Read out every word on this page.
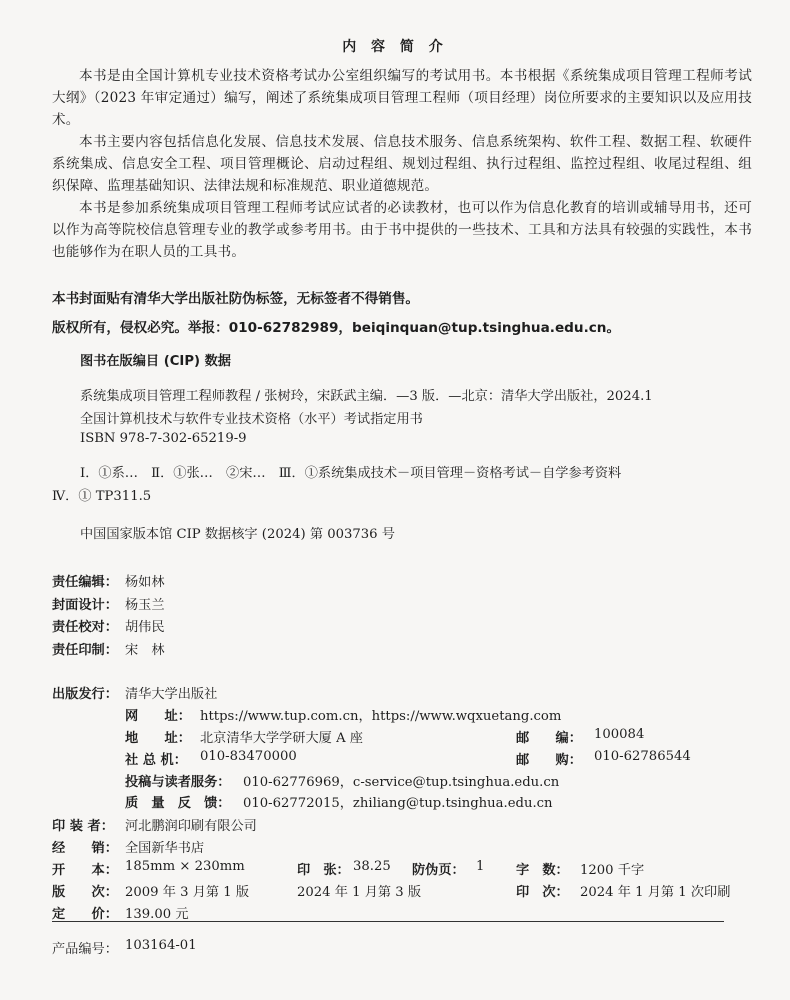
内 容 简 介
本书是由全国计算机专业技术资格考试办公室组织编写的考试用书。本书根据《系统集成项目管理工程师考试大纲》（2023 年审定通过）编写，阐述了系统集成项目管理工程师（项目经理）岗位所要求的主要知识以及应用技术。
本书主要内容包括信息化发展、信息技术发展、信息技术服务、信息系统架构、软件工程、数据工程、软硬件系统集成、信息安全工程、项目管理概论、启动过程组、规划过程组、执行过程组、监控过程组、收尾过程组、组织保障、监理基础知识、法律法规和标准规范、职业道德规范。
本书是参加系统集成项目管理工程师考试应试者的必读教材，也可以作为信息化教育的培训或辅导用书，还可以作为高等院校信息管理专业的教学或参考用书。由于书中提供的一些技术、工具和方法具有较强的实践性，本书也能够作为在职人员的工具书。
本书封面贴有清华大学出版社防伪标签，无标签者不得销售。
版权所有，侵权必究。举报：010-62782989，beiqinquan@tup.tsinghua.edu.cn。
图书在版编目 (CIP) 数据
系统集成项目管理工程师教程 / 张树玲，宋跃武主编．—3 版．—北京：清华大学出版社，2024.1
全国计算机技术与软件专业技术资格（水平）考试指定用书
ISBN 978-7-302-65219-9
Ⅰ．①系…　Ⅱ．①张…　②宋…　Ⅲ．①系统集成技术－项目管理－资格考试－自学参考资料
Ⅳ．① TP311.5
中国国家版本馆 CIP 数据核字 (2024) 第 003736 号
责任编辑： 杨如林
封面设计： 杨玉兰
责任校对： 胡伟民
责任印制： 宋　林
出版发行： 清华大学出版社
网　　址： https://www.tup.com.cn，https://www.wqxuetang.com
地　　址： 北京清华大学学研大厦 A 座	邮　　编： 100084
社 总 机： 010-83470000	邮　　购： 010-62786544
投稿与读者服务： 010-62776969，c-service@tup.tsinghua.edu.cn
质　量　反　馈： 010-62772015，zhiliang@tup.tsinghua.edu.cn
印 装 者： 河北鹏润印刷有限公司
经　　销： 全国新华书店
开　　本： 185mm × 230mm	印　张： 38.25 防伪页： 1 字　数： 1200 千字
版　　次： 2009 年 3 月第 1 版	2024 年 1 月第 3 版	印　次： 2024 年 1 月第 1 次印刷
定　　价： 139.00 元
产品编号： 103164-01
